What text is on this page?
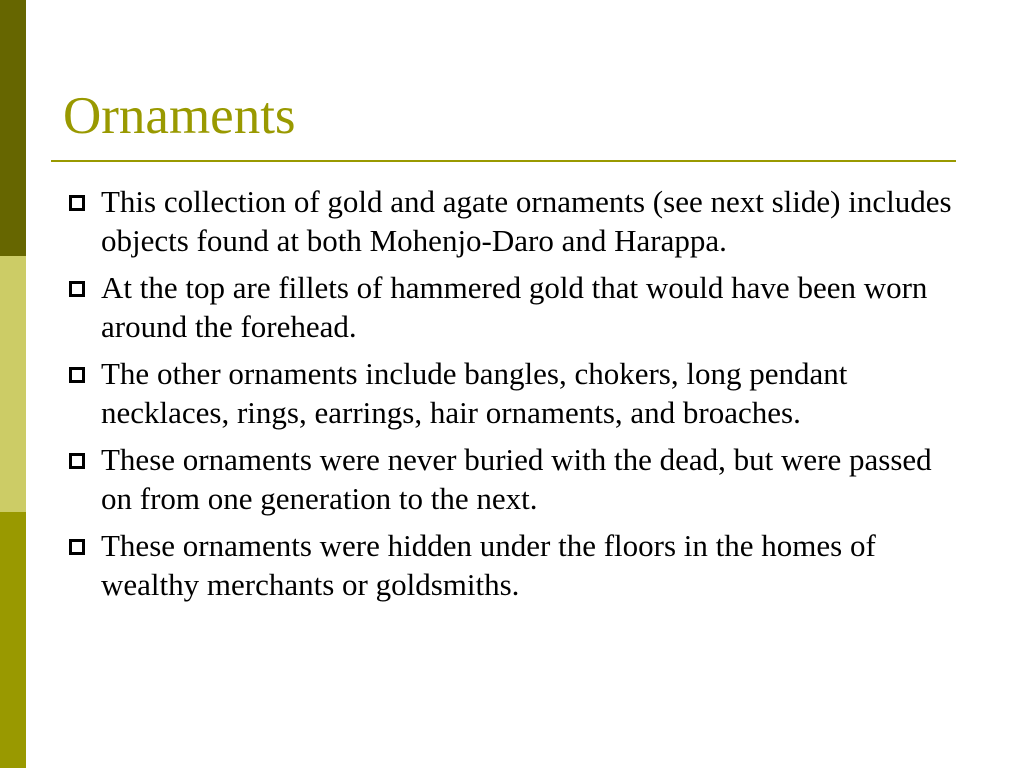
Ornaments
This collection of gold and agate ornaments (see next slide) includes objects found at both Mohenjo-Daro and Harappa.
At the top are fillets of hammered gold that would have been worn around the forehead.
The other ornaments include bangles, chokers, long pendant necklaces, rings, earrings, hair ornaments, and broaches.
These ornaments were never buried with the dead, but were passed on from one generation to the next.
These ornaments were hidden under the floors in the homes of wealthy merchants or goldsmiths.
